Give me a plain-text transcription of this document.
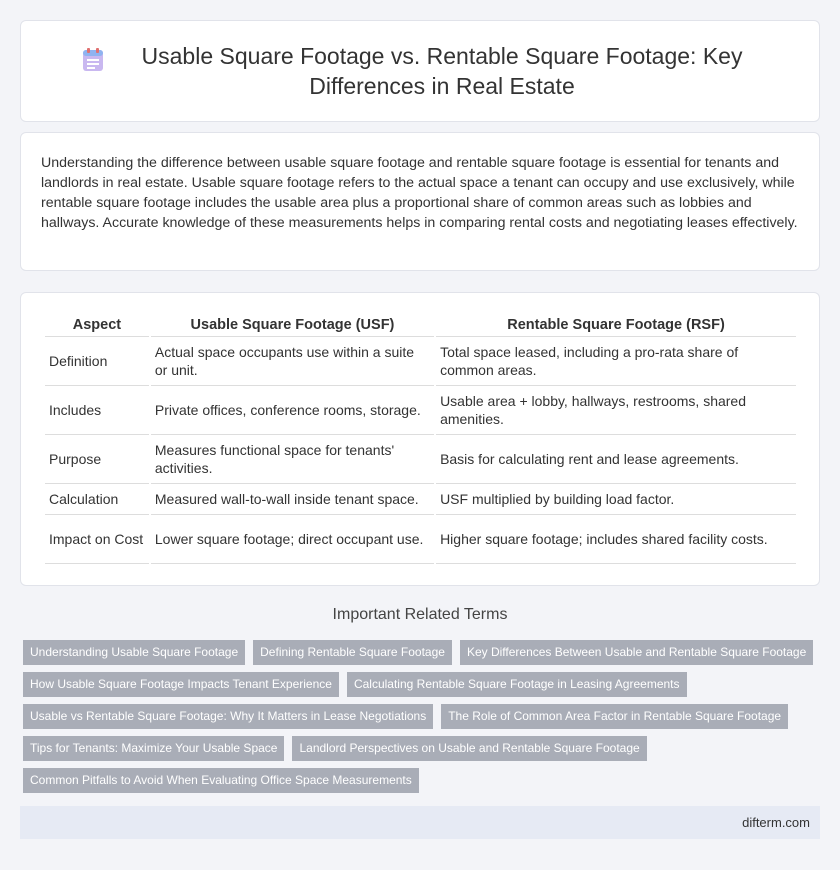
Usable Square Footage vs. Rentable Square Footage: Key Differences in Real Estate

Understanding the difference between usable square footage and rentable square footage is essential for tenants and landlords in real estate. Usable square footage refers to the actual space a tenant can occupy and use exclusively, while rentable square footage includes the usable area plus a proportional share of common areas such as lobbies and hallways. Accurate knowledge of these measurements helps in comparing rental costs and negotiating leases effectively.

Aspect	Usable Square Footage (USF)	Rentable Square Footage (RSF)
Definition	Actual space occupants use within a suite or unit.	Total space leased, including a pro-rata share of common areas.
Includes	Private offices, conference rooms, storage.	Usable area + lobby, hallways, restrooms, shared amenities.
Purpose	Measures functional space for tenants' activities.	Basis for calculating rent and lease agreements.
Calculation	Measured wall-to-wall inside tenant space.	USF multiplied by building load factor.
Impact on Cost	Lower square footage; direct occupant use.	Higher square footage; includes shared facility costs.
Important Related Terms
Understanding Usable Square Footage	Defining Rentable Square Footage	Key Differences Between Usable and Rentable Square Footage
How Usable Square Footage Impacts Tenant Experience	Calculating Rentable Square Footage in Leasing Agreements
Usable vs Rentable Square Footage: Why It Matters in Lease Negotiations	The Role of Common Area Factor in Rentable Square Footage
Tips for Tenants: Maximize Your Usable Space	Landlord Perspectives on Usable and Rentable Square Footage
Common Pitfalls to Avoid When Evaluating Office Space Measurements
difterm.com
